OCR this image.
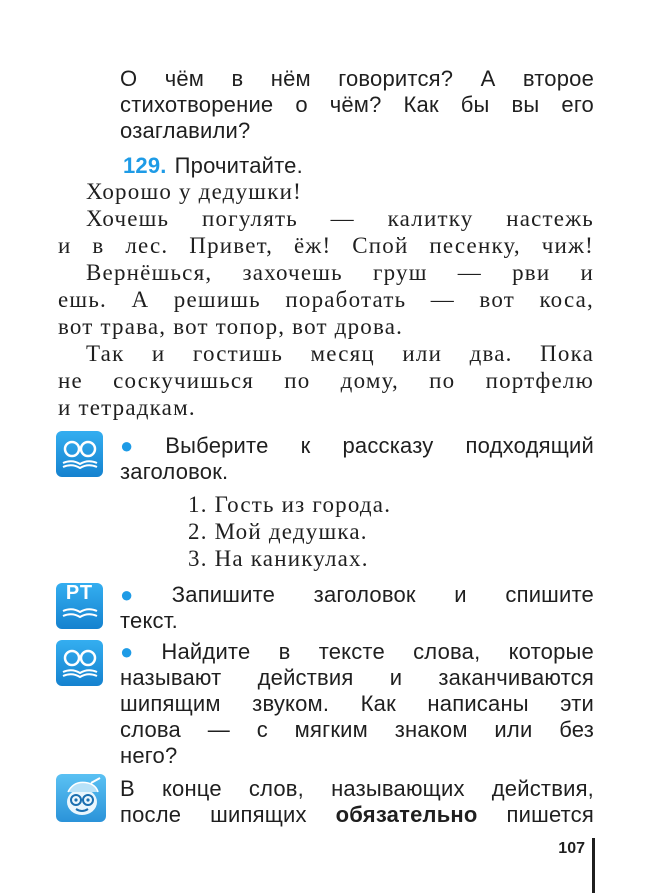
О чём в нём говорится? А второе
стихотворение о чём? Как бы вы его
озаглавили?
129. Прочитайте.
Хорошо у дедушки!
Хочешь погулять — калитку настежь
и в лес. Привет, ёж! Спой песенку, чиж!
Вернёшься, захочешь груш — рви и
ешь. А решишь поработать — вот коса,
вот трава, вот топор, вот дрова.
Так и гостишь месяц или два. Пока
не соскучишься по дому, по портфелю
и тетрадкам.
● Выберите к рассказу подходящий
заголовок.
1. Гость из города.
2. Мой дедушка.
3. На каникулах.
РТ ● Запишите заголовок и спишите
текст.
● Найдите в тексте слова, которые
называют действия и заканчиваются
шипящим звуком. Как написаны эти
слова — с мягким знаком или без
него?
В конце слов, называющих действия,
после шипящих обязательно пишется
107
